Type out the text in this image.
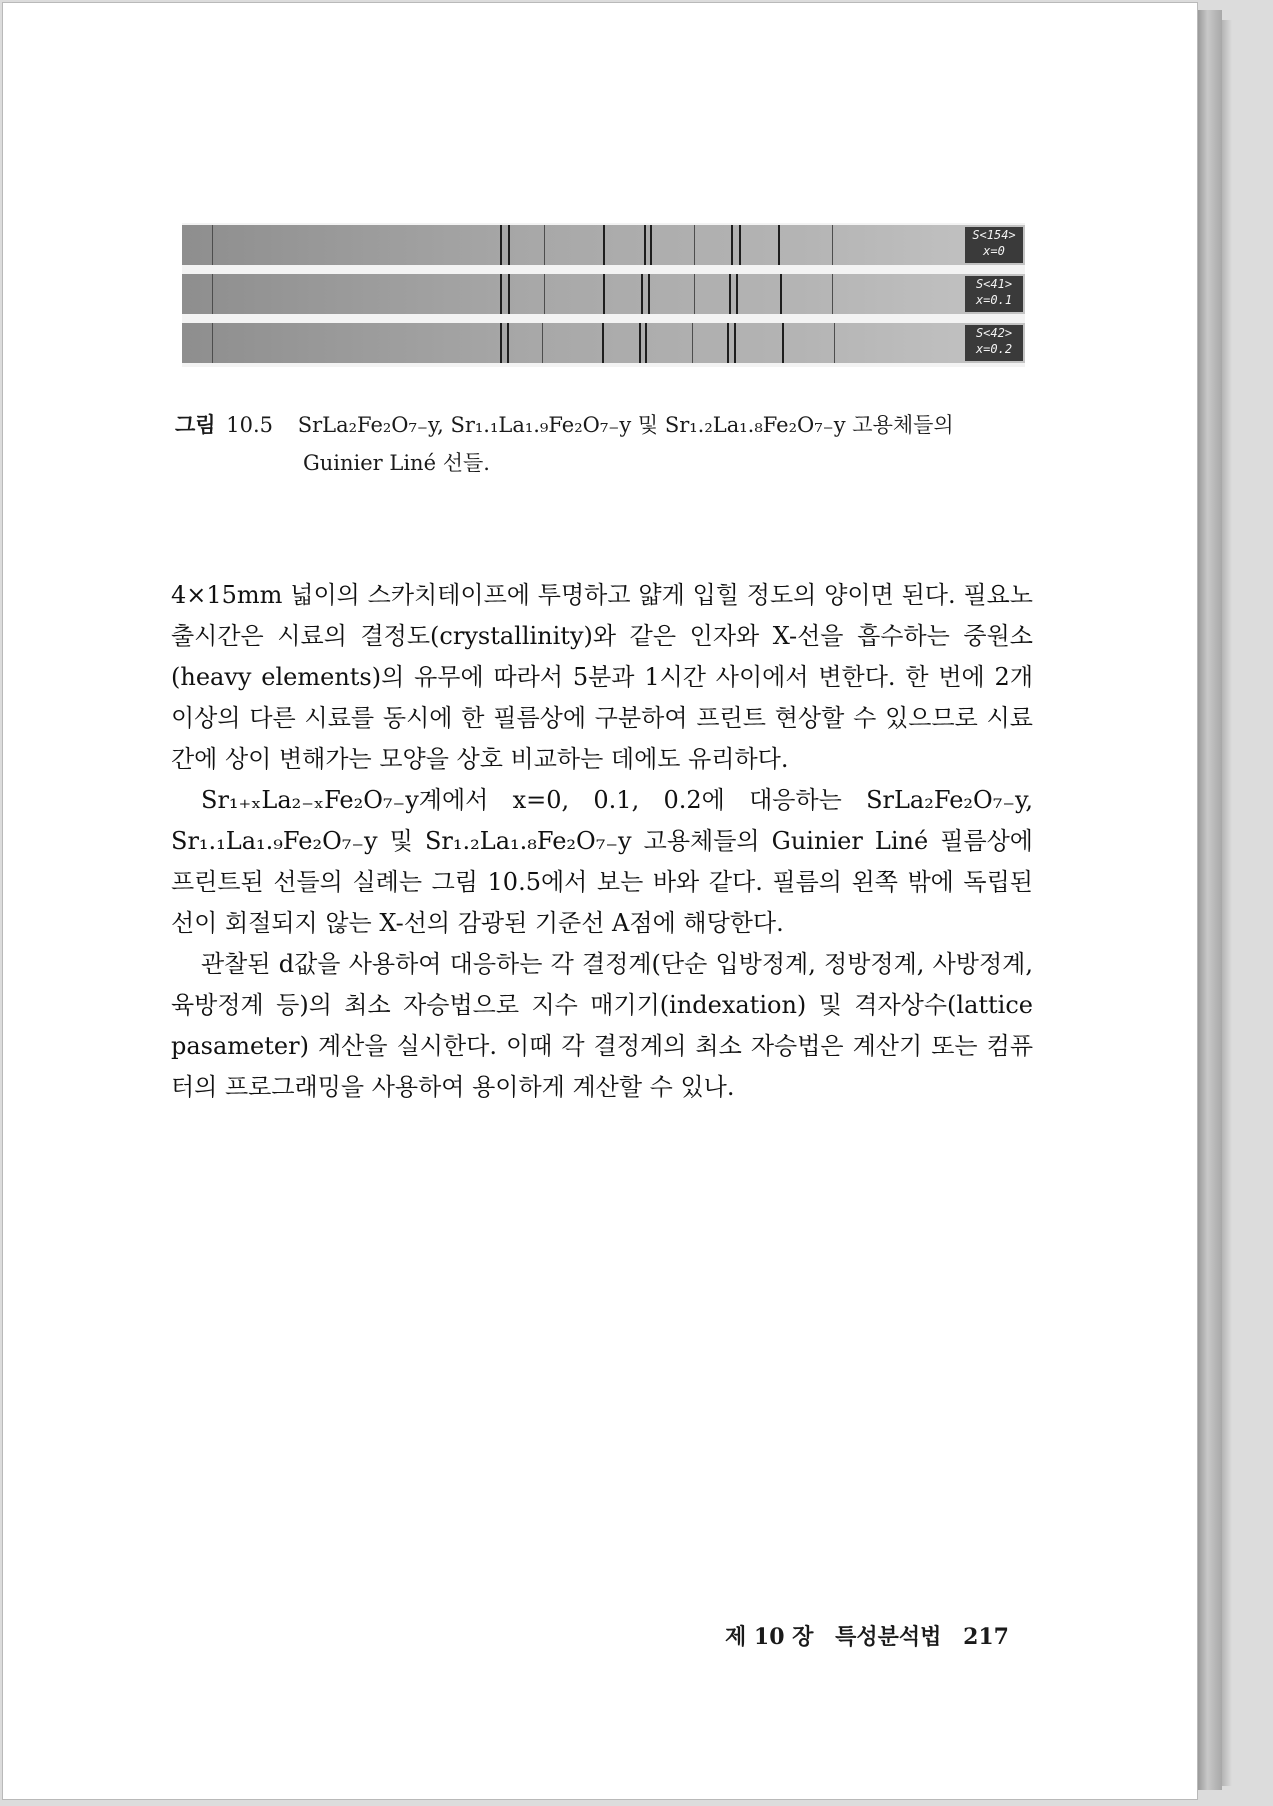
S<154>
x=0
S<41>
x=0.1
S<42>
x=0.2
그림 10.5 SrLa₂Fe₂O₇₋y, Sr₁.₁La₁.₉Fe₂O₇₋y 및 Sr₁.₂La₁.₈Fe₂O₇₋y 고용체들의
Guinier Liné 선들.

4×15mm 넓이의 스카치테이프에 투명하고 얇게 입힐 정도의 양이면 된다. 필요노출시간은 시료의 결정도(crystallinity)와 같은 인자와 X-선을 흡수하는 중원소(heavy elements)의 유무에 따라서 5분과 1시간 사이에서 변한다. 한 번에 2개 이상의 다른 시료를 동시에 한 필름상에 구분하여 프린트 현상할 수 있으므로 시료간에 상이 변해가는 모양을 상호 비교하는 데에도 유리하다.

Sr₁₊ₓLa₂₋ₓFe₂O₇₋y계에서 x=0, 0.1, 0.2에 대응하는 SrLa₂Fe₂O₇₋y, Sr₁.₁La₁.₉Fe₂O₇₋y 및 Sr₁.₂La₁.₈Fe₂O₇₋y 고용체들의 Guinier Liné 필름상에 프린트된 선들의 실례는 그림 10.5에서 보는 바와 같다. 필름의 왼쪽 밖에 독립된 선이 회절되지 않는 X-선의 감광된 기준선 A점에 해당한다.

관찰된 d값을 사용하여 대응하는 각 결정계(단순 입방정계, 정방정계, 사방정계, 육방정계 등)의 최소 자승법으로 지수 매기기(indexation) 및 격자상수(lattice pasameter) 계산을 실시한다. 이때 각 결정계의 최소 자승법은 계산기 또는 컴퓨터의 프로그래밍을 사용하여 용이하게 계산할 수 있나.

제 10 장 특성분석법 217
